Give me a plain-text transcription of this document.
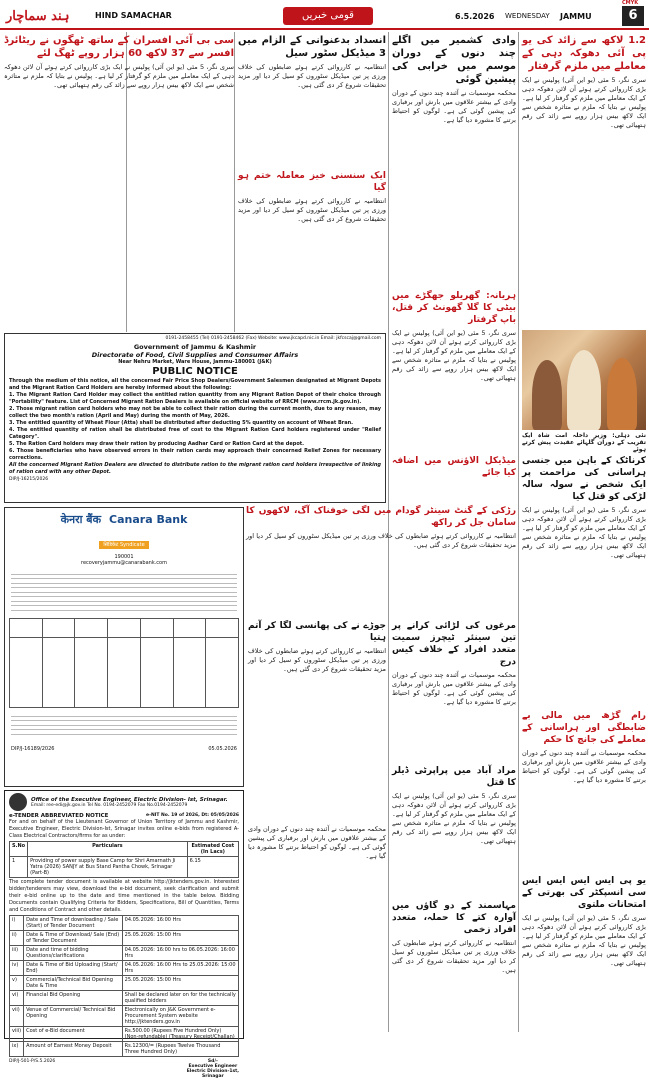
CMYK
ہند سماچار	HIND SAMACHAR	قومی خبریں	6.5.2026 WEDNESDAY JAMMU	6
1.2 لاکھ سے زائد کی یو پی آئی دھوکہ دہی کے معاملے میں ملزم گرفتار
سری نگر، 5 مئی (یو این آئی) پولیس نے ایک بڑی کارروائی کرتے ہوئے آن لائن دھوکہ دہی کے ایک معاملے میں ملزم کو گرفتار کر لیا ہے۔ پولیس نے بتایا کہ ملزم نے متاثرہ شخص سے ایک لاکھ بیس ہزار روپے سے زائد کی رقم ہتھیائی تھی۔
وادی کشمیر میں اگلے چند دنوں کے دوران موسم میں خرابی کی پیشین گوئی
محکمہ موسمیات نے آئندہ چند دنوں کے دوران وادی کے بیشتر علاقوں میں بارش اور برفباری کی پیشین گوئی کی ہے۔ لوگوں کو احتیاط برتنے کا مشورہ دیا گیا ہے۔
انسداد بدعنوانی کے الزام میں 3 میڈیکل سٹور سیل
انتظامیہ نے کارروائی کرتے ہوئے ضابطوں کی خلاف ورزی پر تین میڈیکل سٹوروں کو سیل کر دیا اور مزید تحقیقات شروع کر دی گئی ہیں۔
سی بی آئی افسران کے ساتھ ٹھگوں نے ریٹائرڈ افسر سے 37 لاکھ 60 ہزار روپے ٹھگ لئے
سری نگر، 5 مئی (یو این آئی) پولیس نے ایک بڑی کارروائی کرتے ہوئے آن لائن دھوکہ دہی کے ایک معاملے میں ملزم کو گرفتار کر لیا ہے۔ پولیس نے بتایا کہ ملزم نے متاثرہ شخص سے ایک لاکھ بیس ہزار روپے سے زائد کی رقم ہتھیائی تھی۔
ایک سنسنی خیز معاملہ ختم ہو گیا
انتظامیہ نے کارروائی کرتے ہوئے ضابطوں کی خلاف ورزی پر تین میڈیکل سٹوروں کو سیل کر دیا اور مزید تحقیقات شروع کر دی گئی ہیں۔
0191-2458455 (Tel) 0191-2458462 (Fax) Website: www.jkcapd.nic.in Email: jkfcscaj@gmail.com
Government of Jammu & Kashmir
Directorate of Food, Civil Supplies and Consumer Affairs
Near Nehru Market, Ware House, Jammu-180001 (J&K)
PUBLIC NOTICE
Through the medium of this notice, all the concerned Fair Price Shop Dealers/Government Salesmen designated at Migrant Depots and the Migrant Ration Card Holders are hereby informed about the following:
1. The Migrant Ration Card Holder may collect the entitled ration quantity from any Migrant Ration Depot of their choice through "Portability" feature. List of Concerned Migrant Ration Dealers is available on official website of RRCM (www.rrcm.jk.gov.in).
2. Those migrant ration card holders who may not be able to collect their ration during the current month, due to any reason, may collect the two month's ration (April and May) during the month of May, 2026.
3. The entitled quantity of Wheat Flour (Atta) shall be distributed after deducting 5% quantity on account of Wheat Bran.
4. The entitled quantity of ration shall be distributed free of cost to the Migrant Ration Card holders registered under "Relief Category".
5. The Ration Card holders may draw their ration by producing Aadhar Card or Ration Card at the depot.
6. Those beneficiaries who have observed errors in their ration cards may approach their concerned Relief Zones for necessary corrections.
All the concerned Migrant Ration Dealers are directed to distribute ration to the migrant ration card holders irrespective of linking of ration card with any other Depot.
DIP/J-16215/2026
केनरा बैंक Canara Bank
सिंडिकेट Syndicate
190001
recoveryjammu@canarabank.com

DIP/J-16189/2026	05.05.2026
Office of the Executive Engineer, Electric Division- Ist, Srinagar.
Email: ree-edi@jk.gov.in Tel No. 0194-2452079 Fax No.0194-2452079
e-TENDER ABBREVIATED NOTICE	e-NIT No. 19 of 2026, Dt: 05/05/2026
For and on behalf of the Lieutenant Governor of Union Territory of Jammu and Kashmir, Executive Engineer, Electric Division-Ist, Srinagar invites online e-bids from registered A-Class Electrical Contractors/firms for as under:
S.No	Particulars	Estimated Cost (In Lacs)
1	Providing of power supply Base Camp for Shri Amarnath Ji Yatra (2026) SANJY at Bus Stand Pantha Chowk, Srinagar (Part-B)	6.15
The complete tender document is available at website http://jktenders.gov.in. Interested bidder/tenderers may view, download the e-bid document, seek clarification and submit their e-bid online up to the date and time mentioned in the table below. Bidding Documents contain Qualifying Criteria for Bidders, Specifications, Bill of Quantities, Terms and Conditions of Contract and other details.
i)	Date and Time of downloading / Sale (Start) of Tender Document	04.05.2026: 16:00 Hrs
ii)	Date & Time of Download/ Sale (End) of Tender Document	25.05.2026: 15:00 Hrs
iii)	Date and time of bidding Questions/clarifications	04.05.2026: 16:00 hrs to 06.05.2026: 16:00 Hrs
iv)	Date & Time of Bid Uploading (Start/ End)	04.05.2026: 16:00 Hrs to 25.05.2026: 15:00 Hrs
v)	Commercial/Technical Bid Opening Date & Time	25.05.2026: 15:00 Hrs
vi)	Financial Bid Opening	Shall be declared later on for the technically qualified bidders
vii)	Venue of Commercial/ Technical Bid Opening	Electronically on J&K Government e-Procurement System website http://jktenders.gov.in
viii)	Cost of e-Bid document	Rs.500.00 (Rupees Five Hundred Only) (Non-refundable) (Treasury Receipt/Challan)
ix)	Amount of Earnest Money Deposit	Rs.12300/= (Rupees Twelve Thousand Three Hundred Only)
DIP/J-501-P/S.5.2026	Sd/-
Executive Engineer
Electric Division-1st,
Srinagar
نئی دہلی: وزیر داخلہ امت شاہ ایک تقریب کے دوران گلہائے عقیدت پیش کرتے ہوئے
ہریانہ: گھریلو جھگڑے میں بیٹی کا گلا گھونٹ کر قتل، باپ گرفتار
سری نگر، 5 مئی (یو این آئی) پولیس نے ایک بڑی کارروائی کرتے ہوئے آن لائن دھوکہ دہی کے ایک معاملے میں ملزم کو گرفتار کر لیا ہے۔ پولیس نے بتایا کہ ملزم نے متاثرہ شخص سے ایک لاکھ بیس ہزار روپے سے زائد کی رقم ہتھیائی تھی۔
رڑکی کے گنٹ سینٹر گودام میں لگی خوفناک آگ، لاکھوں کا سامان جل کر راکھ
انتظامیہ نے کارروائی کرتے ہوئے ضابطوں کی خلاف ورزی پر تین میڈیکل سٹوروں کو سیل کر دیا اور مزید تحقیقات شروع کر دی گئی ہیں۔
میڈیکل الاؤنس میں اضافہ کیا جائے
کرناٹک کے باہن میں جنسی ہراسانی کی مزاحمت پر ایک شخص نے سولہ سالہ لڑکی کو قتل کیا
سری نگر، 5 مئی (یو این آئی) پولیس نے ایک بڑی کارروائی کرتے ہوئے آن لائن دھوکہ دہی کے ایک معاملے میں ملزم کو گرفتار کر لیا ہے۔ پولیس نے بتایا کہ ملزم نے متاثرہ شخص سے ایک لاکھ بیس ہزار روپے سے زائد کی رقم ہتھیائی تھی۔
مرغوں کی لڑائی کرانے پر تین سینئر ٹیچرز سمیت متعدد افراد کے خلاف کیس درج
محکمہ موسمیات نے آئندہ چند دنوں کے دوران وادی کے بیشتر علاقوں میں بارش اور برفباری کی پیشین گوئی کی ہے۔ لوگوں کو احتیاط برتنے کا مشورہ دیا گیا ہے۔
جوڑے نے کی پھانسی لگا کر آتم ہتیا
انتظامیہ نے کارروائی کرتے ہوئے ضابطوں کی خلاف ورزی پر تین میڈیکل سٹوروں کو سیل کر دیا اور مزید تحقیقات شروع کر دی گئی ہیں۔
مراد آباد میں پراپرٹی ڈیلر کا قتل
سری نگر، 5 مئی (یو این آئی) پولیس نے ایک بڑی کارروائی کرتے ہوئے آن لائن دھوکہ دہی کے ایک معاملے میں ملزم کو گرفتار کر لیا ہے۔ پولیس نے بتایا کہ ملزم نے متاثرہ شخص سے ایک لاکھ بیس ہزار روپے سے زائد کی رقم ہتھیائی تھی۔
رام گڑھ میں مالی بے ضابطگی اور ہراسانی کے معاملے کی جانچ کا حکم
محکمہ موسمیات نے آئندہ چند دنوں کے دوران وادی کے بیشتر علاقوں میں بارش اور برفباری کی پیشین گوئی کی ہے۔ لوگوں کو احتیاط برتنے کا مشورہ دیا گیا ہے۔
مہاسمند کے دو گاؤں میں آوارہ کتے کا حملہ، متعدد افراد زخمی
انتظامیہ نے کارروائی کرتے ہوئے ضابطوں کی خلاف ورزی پر تین میڈیکل سٹوروں کو سیل کر دیا اور مزید تحقیقات شروع کر دی گئی ہیں۔
یو پی ایس ایس ایس ایس سی انسپکٹر کی بھرتی کے امتحانات ملتوی
سری نگر، 5 مئی (یو این آئی) پولیس نے ایک بڑی کارروائی کرتے ہوئے آن لائن دھوکہ دہی کے ایک معاملے میں ملزم کو گرفتار کر لیا ہے۔ پولیس نے بتایا کہ ملزم نے متاثرہ شخص سے ایک لاکھ بیس ہزار روپے سے زائد کی رقم ہتھیائی تھی۔
محکمہ موسمیات نے آئندہ چند دنوں کے دوران وادی کے بیشتر علاقوں میں بارش اور برفباری کی پیشین گوئی کی ہے۔ لوگوں کو احتیاط برتنے کا مشورہ دیا گیا ہے۔
